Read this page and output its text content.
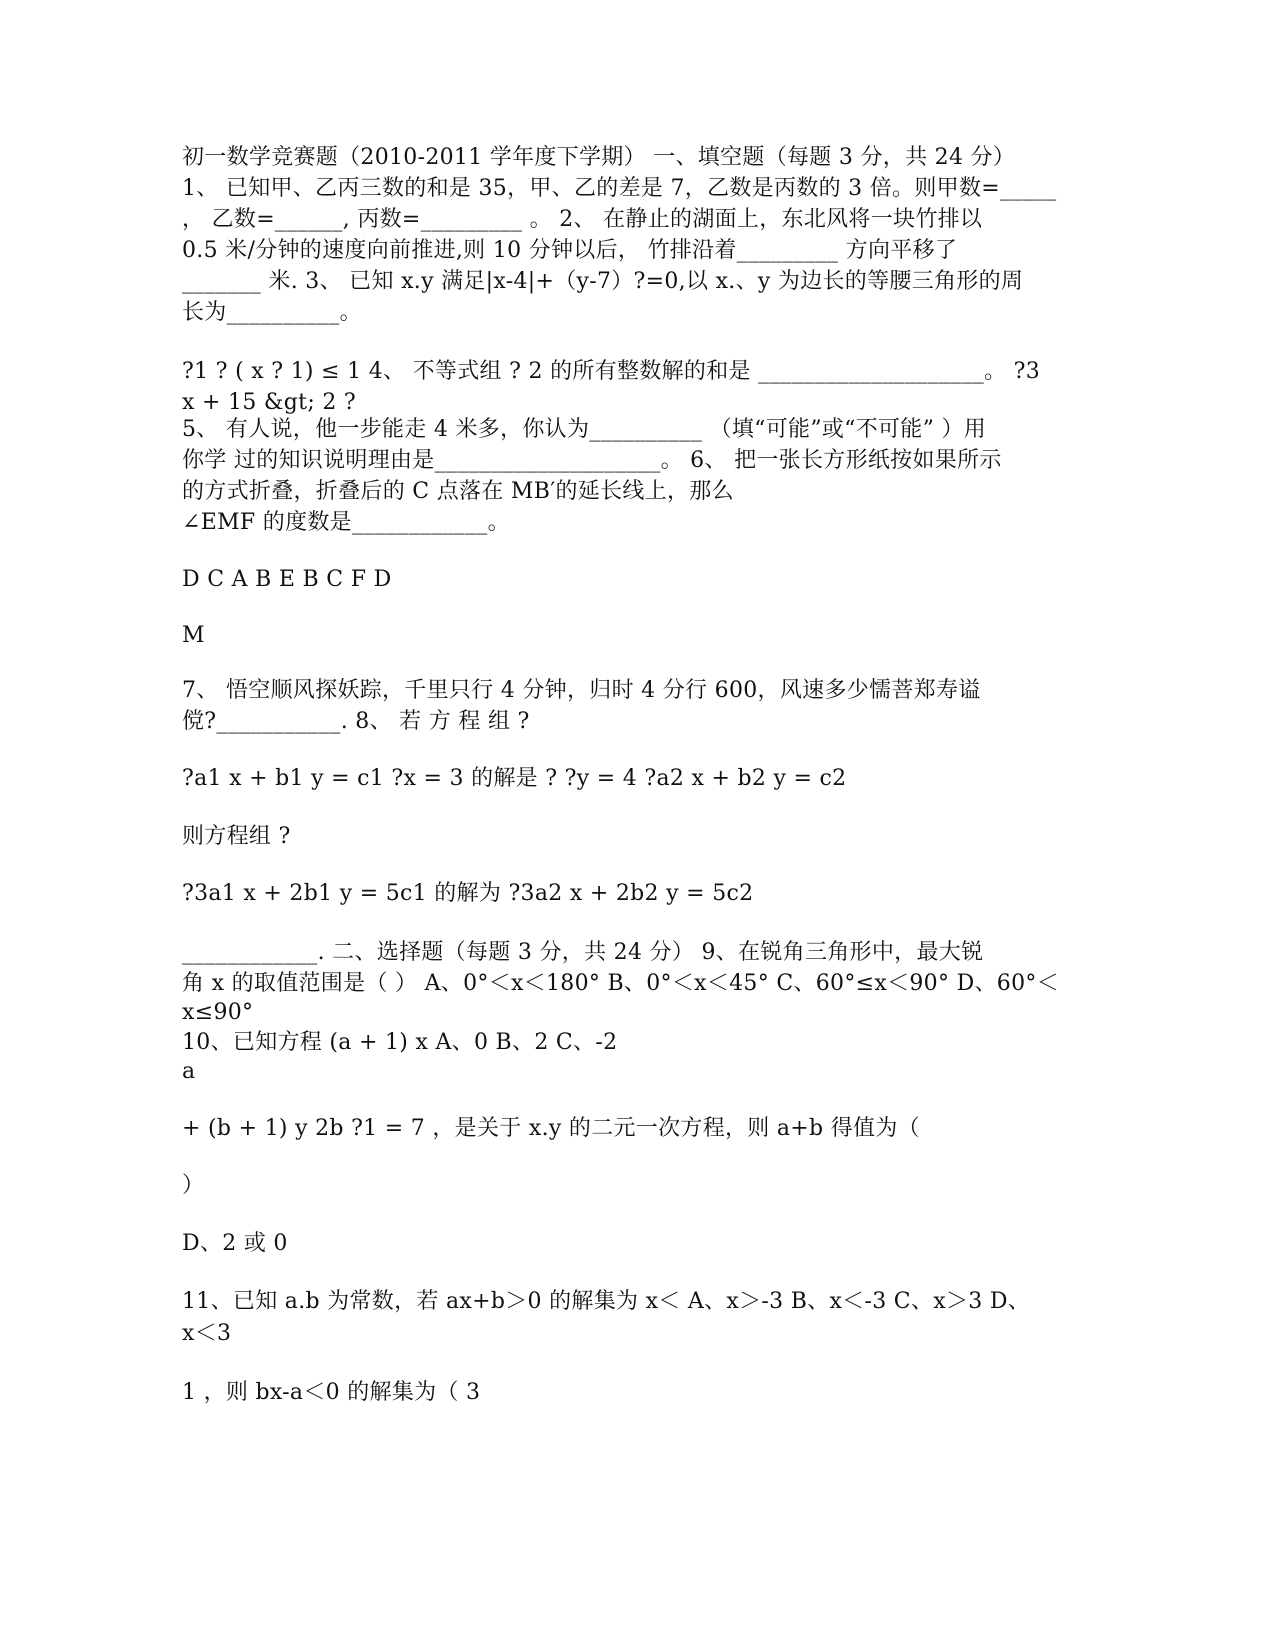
初一数学竞赛题（2010-2011 学年度下学期） 一、填空题（每题 3 分，共 24 分）
1、 已知甲、乙丙三数的和是 35，甲、乙的差是 7，乙数是丙数的 3 倍。则甲数=_____
， 乙数=______, 丙数=_________ 。 2、 在静止的湖面上，东北风将一块竹排以
0.5 米/分钟的速度向前推进,则 10 分钟以后， 竹排沿着_________ 方向平移了
_______ 米. 3、 已知 x.y 满足|x-4|+（y-7）?=0,以 x.、y 为边长的等腰三角形的周
长为__________。
?1 ? ( x ? 1) ≤ 1 4、 不等式组 ? 2 的所有整数解的和是 ____________________。 ?3
x + 15 &gt; 2 ?
5、 有人说，他一步能走 4 米多，你认为__________ （填“可能”或“不可能” ）用
你学 过的知识说明理由是____________________。 6、 把一张长方形纸按如果所示
的方式折叠，折叠后的 C 点落在 MB′的延长线上，那么
∠EMF 的度数是____________。
D C A B E B C F D
M
7、 悟空顺风探妖踪，千里只行 4 分钟，归时 4 分行 600，风速多少懦菩郑寿谥
傥?___________. 8、 若 方 程 组 ?
?a1 x + b1 y = c1 ?x = 3 的解是 ? ?y = 4 ?a2 x + b2 y = c2
则方程组 ?
?3a1 x + 2b1 y = 5c1 的解为 ?3a2 x + 2b2 y = 5c2
____________. 二、选择题（每题 3 分，共 24 分） 9、在锐角三角形中，最大锐
角 x 的取值范围是（ ） A、0°＜x＜180° B、0°＜x＜45° C、60°≤x＜90° D、60°＜
x≤90°
10、已知方程 (a + 1) x A、0 B、2 C、-2
a
+ (b + 1) y 2b ?1 = 7 ，是关于 x.y 的二元一次方程，则 a+b 得值为（
）
D、2 或 0
11、已知 a.b 为常数，若 ax+b＞0 的解集为 x＜ A、x＞-3 B、x＜-3 C、x＞3 D、
x＜3
1 ，则 bx-a＜0 的解集为（ 3
